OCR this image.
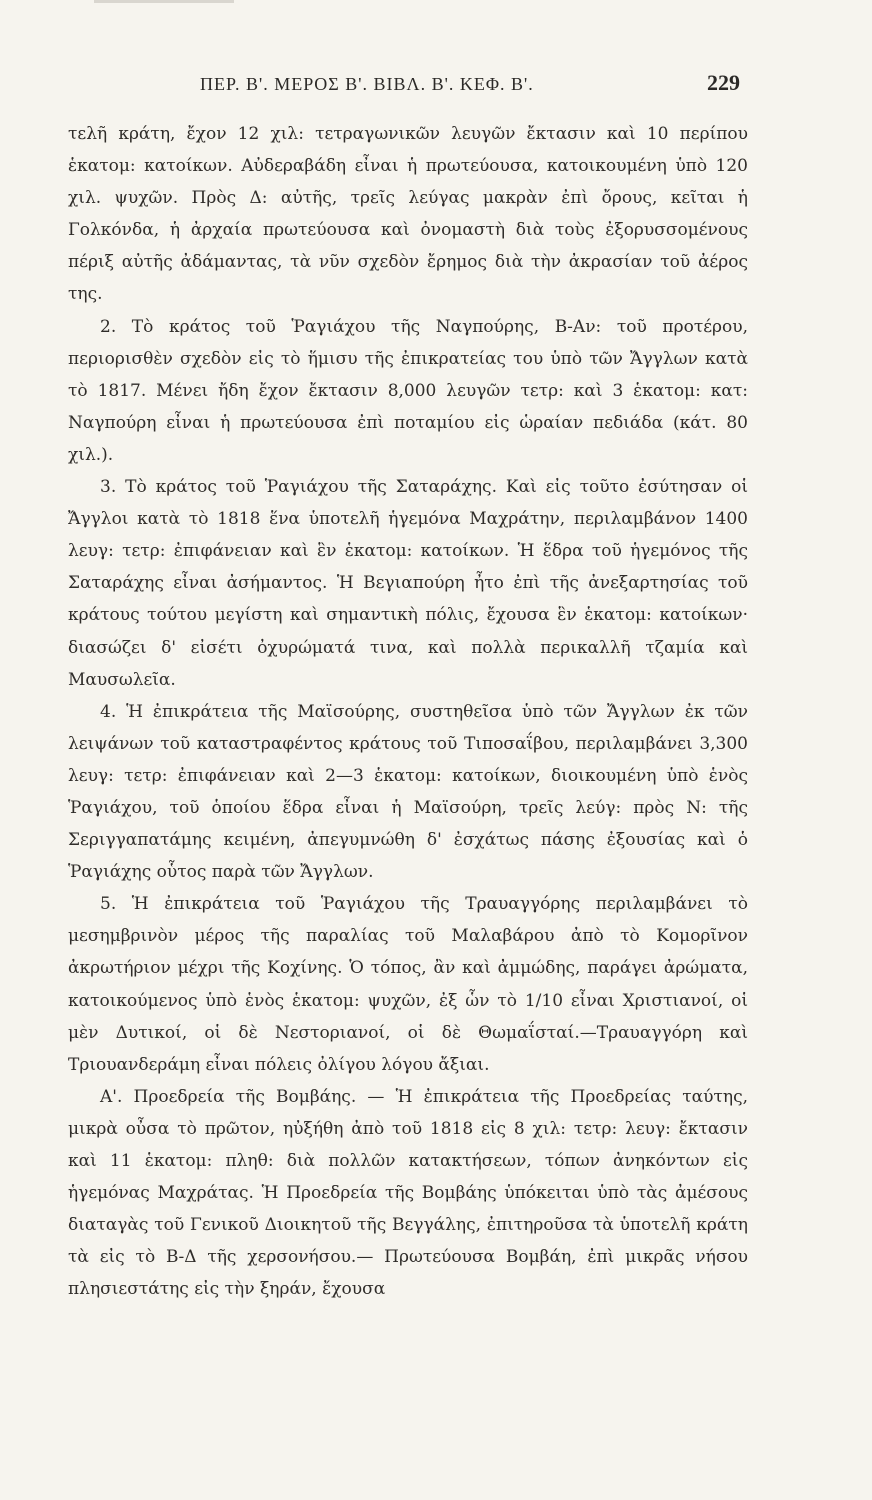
ΠΕΡ. Β'. ΜΕΡΟΣ Β'. ΒΙΒΛ. Β'. ΚΕΦ. Β'.	229

τελῆ κράτη, ἔχον 12 χιλ: τετραγωνικῶν λευγῶν ἔκτασιν καὶ 10 περίπου ἑκατομ: κατοίκων. Αὐδεραβάδη εἶναι ἡ πρωτεύουσα, κατοικουμένη ὑπὸ 120 χιλ. ψυχῶν. Πρὸς Δ: αὐτῆς, τρεῖς λεύγας μακρὰν ἐπὶ ὄρους, κεῖται ἡ Γολκόνδα, ἡ ἀρχαία πρωτεύουσα καὶ ὀνομαστὴ διὰ τοὺς ἐξορυσσομένους πέριξ αὐτῆς ἀδάμαντας, τὰ νῦν σχεδὸν ἔρημος διὰ τὴν ἀκρασίαν τοῦ ἀέρος της.

2. Τὸ κράτος τοῦ Ῥαγιάχου τῆς Ναγπούρης, Β-Αν: τοῦ προτέρου, περιορισθὲν σχεδὸν εἰς τὸ ἥμισυ τῆς ἐπικρατείας του ὑπὸ τῶν Ἄγγλων κατὰ τὸ 1817. Μένει ἤδη ἔχον ἔκτασιν 8,000 λευγῶν τετρ: καὶ 3 ἑκατομ: κατ: Ναγπούρη εἶναι ἡ πρωτεύουσα ἐπὶ ποταμίου εἰς ὡραίαν πεδιάδα (κάτ. 80 χιλ.).

3. Τὸ κράτος τοῦ Ῥαγιάχου τῆς Σαταράχης. Καὶ εἰς τοῦτο ἐσύτησαν οἱ Ἄγγλοι κατὰ τὸ 1818 ἕνα ὑποτελῆ ἡγεμόνα Μαχράτην, περιλαμβάνον 1400 λευγ: τετρ: ἐπιφάνειαν καὶ ἓν ἑκατομ: κατοίκων. Ἡ ἕδρα τοῦ ἡγεμόνος τῆς Σαταράχης εἶναι ἀσήμαντος. Ἡ Βεγιαπούρη ἦτο ἐπὶ τῆς ἀνεξαρτησίας τοῦ κράτους τούτου μεγίστη καὶ σημαντικὴ πόλις, ἔχουσα ἓν ἑκατομ: κατοίκων· διασώζει δ' εἰσέτι ὀχυρώματά τινα, καὶ πολλὰ περικαλλῆ τζαμία καὶ Μαυσωλεῖα.

4. Ἡ ἐπικράτεια τῆς Μαϊσούρης, συστηθεῖσα ὑπὸ τῶν Ἄγγλων ἐκ τῶν λειψάνων τοῦ καταστραφέντος κράτους τοῦ Τιποσαΐβου, περιλαμβάνει 3,300 λευγ: τετρ: ἐπιφάνειαν καὶ 2—3 ἑκατομ: κατοίκων, διοικουμένη ὑπὸ ἑνὸς Ῥαγιάχου, τοῦ ὁποίου ἕδρα εἶναι ἡ Μαϊσούρη, τρεῖς λεύγ: πρὸς Ν: τῆς Σεριγγαπατάμης κειμένη, ἀπεγυμνώθη δ' ἐσχάτως πάσης ἐξουσίας καὶ ὁ Ῥαγιάχης οὗτος παρὰ τῶν Ἄγγλων.

5. Ἡ ἐπικράτεια τοῦ Ῥαγιάχου τῆς Τραυαγγόρης περιλαμβάνει τὸ μεσημβρινὸν μέρος τῆς παραλίας τοῦ Μαλαβάρου ἀπὸ τὸ Κομορῖνον ἀκρωτήριον μέχρι τῆς Κοχίνης. Ὁ τόπος, ἂν καὶ ἀμμώδης, παράγει ἀρώματα, κατοικούμενος ὑπὸ ἑνὸς ἑκατομ: ψυχῶν, ἐξ ὧν τὸ 1/10 εἶναι Χριστιανοί, οἱ μὲν Δυτικοί, οἱ δὲ Νεστοριανοί, οἱ δὲ Θωμαΐσταί.—Τραυαγγόρη καὶ Τριουανδεράμη εἶναι πόλεις ὀλίγου λόγου ἄξιαι.

Α'. Προεδρεία τῆς Βομβάης. — Ἡ ἐπικράτεια τῆς Προεδρείας ταύτης, μικρὰ οὖσα τὸ πρῶτον, ηὐξήθη ἀπὸ τοῦ 1818 εἰς 8 χιλ: τετρ: λευγ: ἔκτασιν καὶ 11 ἑκατομ: πληθ: διὰ πολλῶν κατακτήσεων, τόπων ἀνηκόντων εἰς ἡγεμόνας Μαχράτας. Ἡ Προεδρεία τῆς Βομβάης ὑπόκειται ὑπὸ τὰς ἀμέσους διαταγὰς τοῦ Γενικοῦ Διοικητοῦ τῆς Βεγγάλης, ἐπιτηροῦσα τὰ ὑποτελῆ κράτη τὰ εἰς τὸ Β-Δ τῆς χερσονήσου.— Πρωτεύουσα Βομβάη, ἐπὶ μικρᾶς νήσου πλησιεστάτης εἰς τὴν ξηράν, ἔχουσα
